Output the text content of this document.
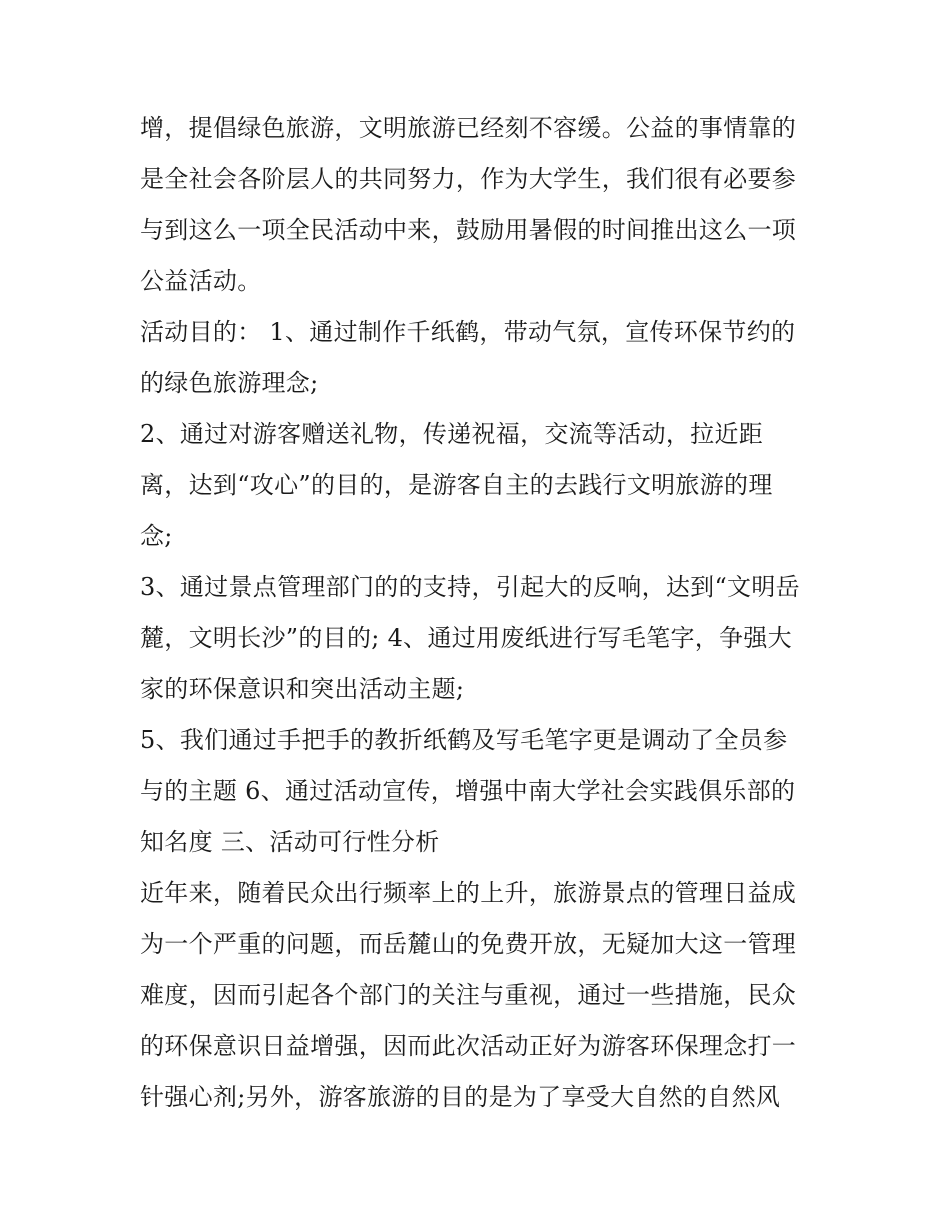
增，提倡绿色旅游，文明旅游已经刻不容缓。公益的事情靠的
是全社会各阶层人的共同努力，作为大学生，我们很有必要参
与到这么一项全民活动中来，鼓励用暑假的时间推出这么一项
公益活动。
活动目的： 1、通过制作千纸鹤，带动气氛，宣传环保节约的
的绿色旅游理念;
2、通过对游客赠送礼物，传递祝福，交流等活动，拉近距
离，达到“攻心”的目的，是游客自主的去践行文明旅游的理
念;
3、通过景点管理部门的的支持，引起大的反响，达到“文明岳
麓，文明长沙”的目的; 4、通过用废纸进行写毛笔字，争强大
家的环保意识和突出活动主题;
5、我们通过手把手的教折纸鹤及写毛笔字更是调动了全员参
与的主题 6、通过活动宣传，增强中南大学社会实践俱乐部的
知名度 三、活动可行性分析
近年来，随着民众出行频率上的上升，旅游景点的管理日益成
为一个严重的问题，而岳麓山的免费开放，无疑加大这一管理
难度，因而引起各个部门的关注与重视，通过一些措施，民众
的环保意识日益增强，因而此次活动正好为游客环保理念打一
针强心剂;另外，游客旅游的目的是为了享受大自然的自然风
